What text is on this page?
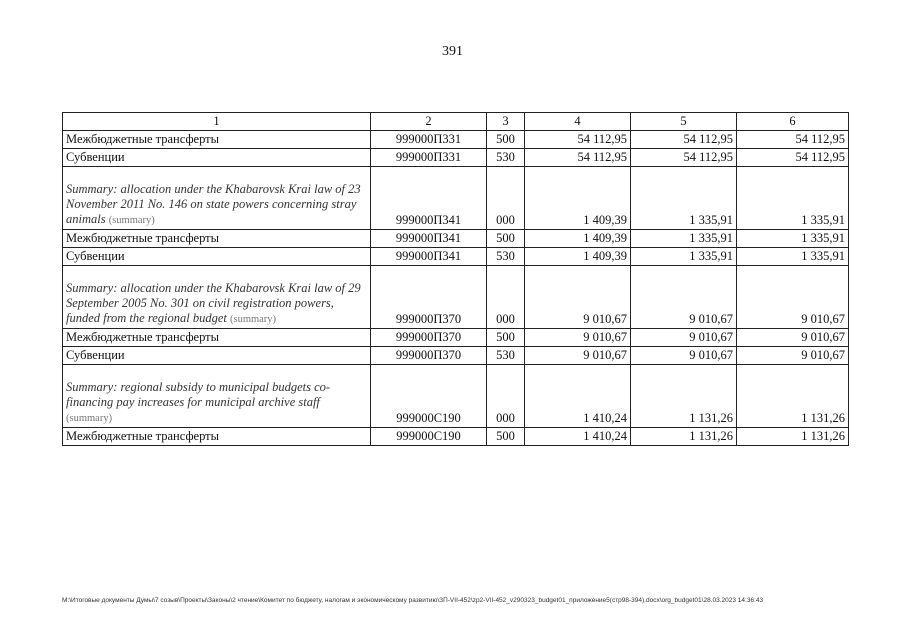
391
1	2	3	4	5	6
Межбюджетные трансферты	999000П331	500	54 112,95	54 112,95	54 112,95
Субвенции	999000П331	530	54 112,95	54 112,95	54 112,95
Summary: allocation under the Khabarovsk Krai law of 23 November 2011 No. 146 on state powers concerning stray animals (summary)	999000П341	000	1 409,39	1 335,91	1 335,91
Межбюджетные трансферты	999000П341	500	1 409,39	1 335,91	1 335,91
Субвенции	999000П341	530	1 409,39	1 335,91	1 335,91
Summary: allocation under the Khabarovsk Krai law of 29 September 2005 No. 301 on civil registration powers, funded from the regional budget (summary)	999000П370	000	9 010,67	9 010,67	9 010,67
Межбюджетные трансферты	999000П370	500	9 010,67	9 010,67	9 010,67
Субвенции	999000П370	530	9 010,67	9 010,67	9 010,67
Summary: regional subsidy to municipal budgets co-financing pay increases for municipal archive staff (summary)	999000С190	000	1 410,24	1 131,26	1 131,26
Межбюджетные трансферты	999000С190	500	1 410,24	1 131,26	1 131,26
M:\Итоговые документы Думы\7 созыв\Проекты\Законы\2 чтение\Комитет по бюджету, налогам и экономическому развитию\ЗП-VII-452\zp2-VII-452_v290323_budget01_приложение5(стр98-394).docx\org_budget01\28.03.2023 14:36:43
